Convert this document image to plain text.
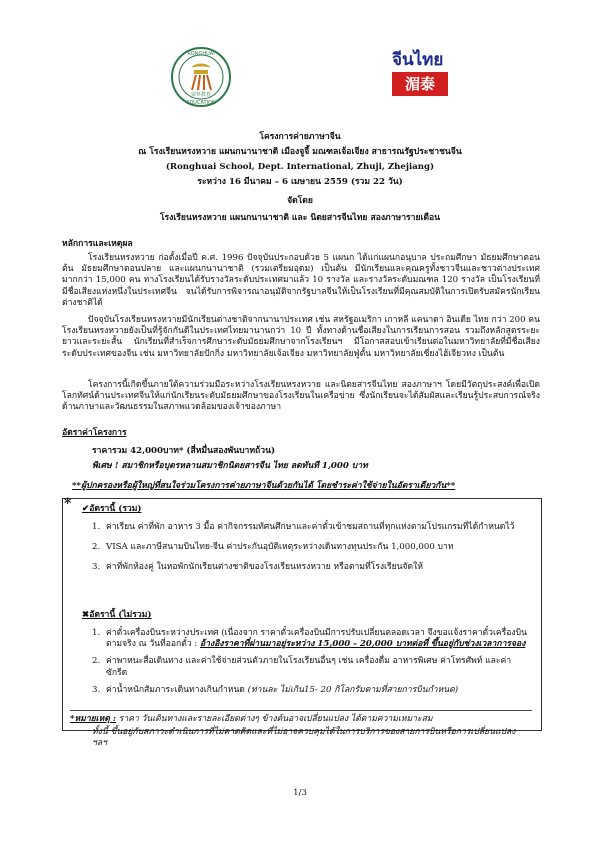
RONGHUAI
EDUCATION
荣怀教育
จีนไทย
湄泰
โครงการค่ายภาษาจีน
ณ โรงเรียนหรงหวาย แผนกนานาชาติ เมืองจูจี้ มณฑลเจ้อเจียง สาธารณรัฐประชาชนจีน
(Ronghuai School, Dept. International, Zhuji, Zhejiang)
ระหว่าง 16 มีนาคม – 6 เมษายน 2559 (รวม 22 วัน)
จัดโดย
โรงเรียนหรงหวาย แผนกนานาชาติ และ นิตยสารจีนไทย สองภาษารายเดือน
หลักการและเหตุผล
โรงเรียนหรงหวาย ก่อตั้งเมื่อปี ค.ศ. 1996 ปัจจุบันประกอบด้วย 5 แผนก ได้แก่แผนกอนุบาล ประถมศึกษา มัธยมศึกษาตอนต้น มัธยมศึกษาตอนปลาย และแผนกนานาชาติ (รวมเตรียมอุดม) เป็นต้น มีนักเรียนและคุณครูทั้งชาวจีนและชาวต่างประเทศมากกว่า 15,000 คน ทางโรงเรียนได้รับรางวัลระดับประเทศมาแล้ว 10 รางวัล และรางวัลระดับมณฑล 120 รางวัล เป็นโรงเรียนที่มีชื่อเสียงแห่งหนึ่งในประเทศจีน จนได้รับการพิจารณาอนุมัติจากรัฐบาลจีนให้เป็นโรงเรียนที่มีคุณสมบัติในการเปิดรับสมัครนักเรียนต่างชาติได้
ปัจจุบันโรงเรียนหรงหวายมีนักเรียนต่างชาติจากนานาประเทศ เช่น สหรัฐอเมริกา เกาหลี แคนาดา อินเดีย ไทย กว่า 200 คน โรงเรียนหรงหวายยังเป็นที่รู้จักกันดีในประเทศไทยมานานกว่า 10 ปี ทั้งทางด้านชื่อเสียงในการเรียนการสอน รวมถึงหลักสูตรระยะยาวและระยะสั้น นักเรียนที่สำเร็จการศึกษาระดับมัธยมศึกษาจากโรงเรียนฯ มีโอกาสสอบเข้าเรียนต่อในมหาวิทยาลัยที่มีชื่อเสียงระดับประเทศของจีน เช่น มหาวิทยาลัยปักกิ่ง มหาวิทยาลัยเจ้อเจียง มหาวิทยาลัยฟู่ตั้น มหาวิทยาลัยเซี่ยงไฮ้เจียวทง เป็นต้น
โครงการนี้เกิดขึ้นภายใต้ความร่วมมือระหว่างโรงเรียนหรงหวาย และนิตยสารจีนไทย สองภาษาฯ โดยมีวัตถุประสงค์เพื่อเปิดโลกทัศน์ด้านประเทศจีนให้แก่นักเรียนระดับมัธยมศึกษาของโรงเรียนในเครือข่าย ซึ่งนักเรียนจะได้สัมผัสและเรียนรู้ประสบการณ์จริงด้านภาษาและวัฒนธรรมในสภาพแวดล้อมของเจ้าของภาษา
อัตราค่าโครงการ
ราคารวม 42,000บาท* (สี่หมื่นสองพันบาทถ้วน)
พิเศษ ! สมาชิกหรือบุตรหลานสมาชิกนิตยสารจีน ไทย ลดทันที 1,000 บาท
**ผู้ปกครองหรือผู้ใหญ่ที่สนใจร่วมโครงการค่ายภาษาจีนด้วยกันได้ โดยชำระค่าใช้จ่ายในอัตราเดียวกัน**
* ✔อัตรานี้ (รวม)
1. ค่าเรียน ค่าที่พัก อาหาร 3 มื้อ ค่ากิจกรรมทัศนศึกษาและค่าตั๋วเข้าชมสถานที่ทุกแห่งตามโปรแกรมที่ได้กำหนดไว้
2. VISA และภาษีสนามบินไทย-จีน ค่าประกันอุบัติเหตุระหว่างเดินทางทุนประกัน 1,000,000 บาท
3. ค่าที่พักห้องคู่ ในหอพักนักเรียนต่างชาติของโรงเรียนหรงหวาย หรือตามที่โรงเรียนจัดให้
✖อัตรานี้ (ไม่รวม)
1. ค่าตั๋วเครื่องบินระหว่างประเทศ (เนื่องจาก ราคาตั๋วเครื่องบินมีการปรับเปลี่ยนตลอดเวลา จึงขอแจ้งราคาตั๋วเครื่องบินตามจริง ณ วันที่ออกตั๋ว : อ้างอิงราคาที่ผ่านมาอยู่ระหว่าง 15,000 - 20,000 บาทต่อที่ ขึ้นอยู่กับช่วงเวลาการจอง
2. ค่าพาหนะสื่อเดินทาง และค่าใช้จ่ายส่วนตัวภายในโรงเรียนอื่นๆ เช่น เครื่องดื่ม อาหารพิเศษ ค่าโทรศัพท์ และค่าซักรีด
3. ค่าน้ำหนักสัมภาระเดินทางเกินกำหนด (ท่านละ ไม่เกิน15- 20 กิโลกรัมตามที่สายการบินกำหนด)
*หมายเหตุ : ราคา วันเดินทางและรายละเอียดต่างๆ ข้างต้นอาจเปลี่ยนแปลง ได้ตามความเหมาะสม
ทั้งนี้ ขึ้นอยู่กับสภาวะดำเนินการที่ไม่คาดคิดและที่ไม่อาจควบคุมได้ในการบริการของสายการบินหรือการเปลี่ยนแปลง ฯลฯ
1/3
